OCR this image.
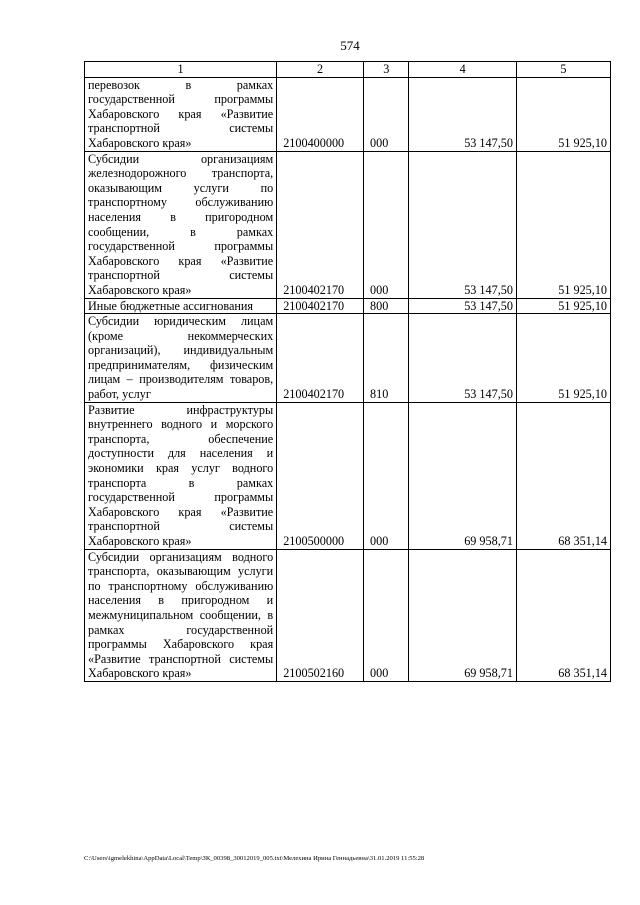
574
1	2	3	4	5
перевозок в рамках государственной программы Хабаровского края «Развитие транспортной системы Хабаровского края»	2100400000	000	53 147,50	51 925,10
Субсидии организациям железнодорожного транспорта, оказывающим услуги по транспортному обслуживанию населения в пригородном сообщении, в рамках государственной программы Хабаровского края «Развитие транспортной системы Хабаровского края»	2100402170	000	53 147,50	51 925,10
Иные бюджетные ассигнования	2100402170	800	53 147,50	51 925,10
Субсидии юридическим лицам (кроме некоммерческих организаций), индивидуальным предпринимателям, физическим лицам – производителям товаров, работ, услуг	2100402170	810	53 147,50	51 925,10
Развитие инфраструктуры внутреннего водного и морского транспорта, обеспечение доступности для населения и экономики края услуг водного транспорта в рамках государственной программы Хабаровского края «Развитие транспортной системы Хабаровского края»	2100500000	000	69 958,71	68 351,14
Субсидии организациям водного транспорта, оказывающим услуги по транспортному обслуживанию населения в пригородном и межмуниципальном сообщении, в рамках государственной программы Хабаровского края «Развитие транспортной системы Хабаровского края»	2100502160	000	69 958,71	68 351,14
C:\Users\igmelekhina\AppData\Local\Temp\ЗК_00398_30012019_005.txt\Мелехина Ирина Геннадьевна\31.01.2019 11:55:28
